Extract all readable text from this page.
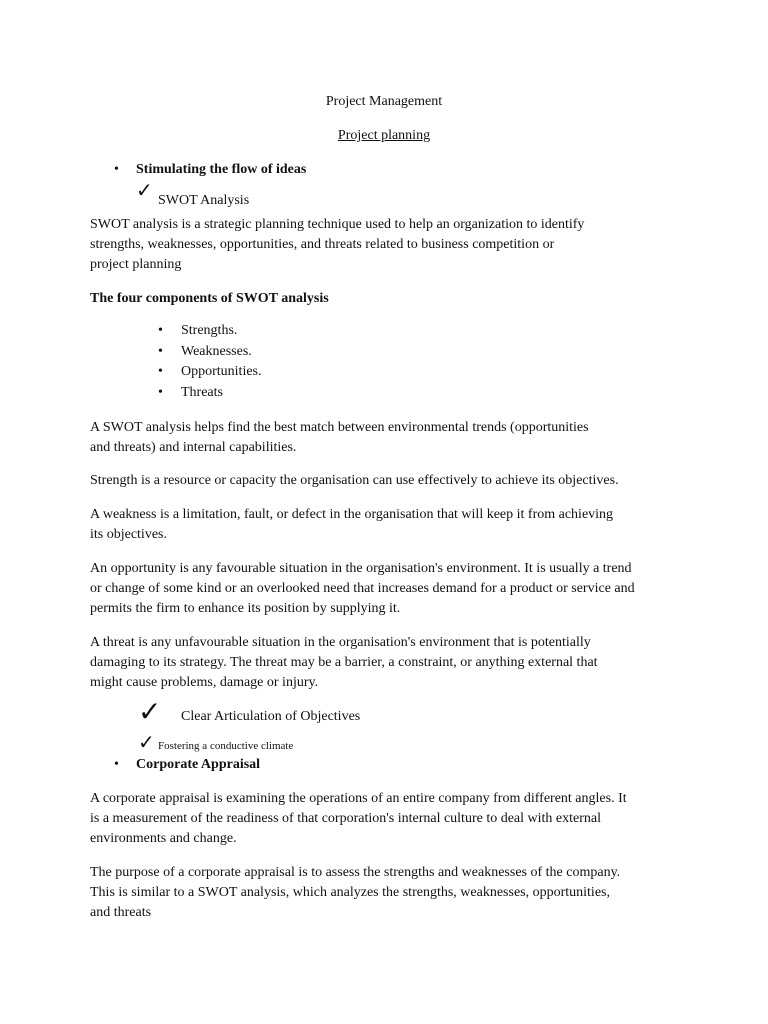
Project Management
Project planning
• Stimulating the flow of ideas
✓ SWOT Analysis
SWOT analysis is a strategic planning technique used to help an organization to identify
strengths, weaknesses, opportunities, and threats related to business competition or
project planning
The four components of SWOT analysis
• Strengths.
• Weaknesses.
• Opportunities.
• Threats
A SWOT analysis helps find the best match between environmental trends (opportunities
and threats) and internal capabilities.
Strength is a resource or capacity the organisation can use effectively to achieve its objectives.
A weakness is a limitation, fault, or defect in the organisation that will keep it from achieving
its objectives.
An opportunity is any favourable situation in the organisation's environment. It is usually a trend
or change of some kind or an overlooked need that increases demand for a product or service and
permits the firm to enhance its position by supplying it.
A threat is any unfavourable situation in the organisation's environment that is potentially
damaging to its strategy. The threat may be a barrier, a constraint, or anything external that
might cause problems, damage or injury.
✓ Clear Articulation of Objectives
✓ Fostering a conductive climate
• Corporate Appraisal
A corporate appraisal is examining the operations of an entire company from different angles. It
is a measurement of the readiness of that corporation's internal culture to deal with external
environments and change.
The purpose of a corporate appraisal is to assess the strengths and weaknesses of the company.
This is similar to a SWOT analysis, which analyzes the strengths, weaknesses, opportunities,
and threats
